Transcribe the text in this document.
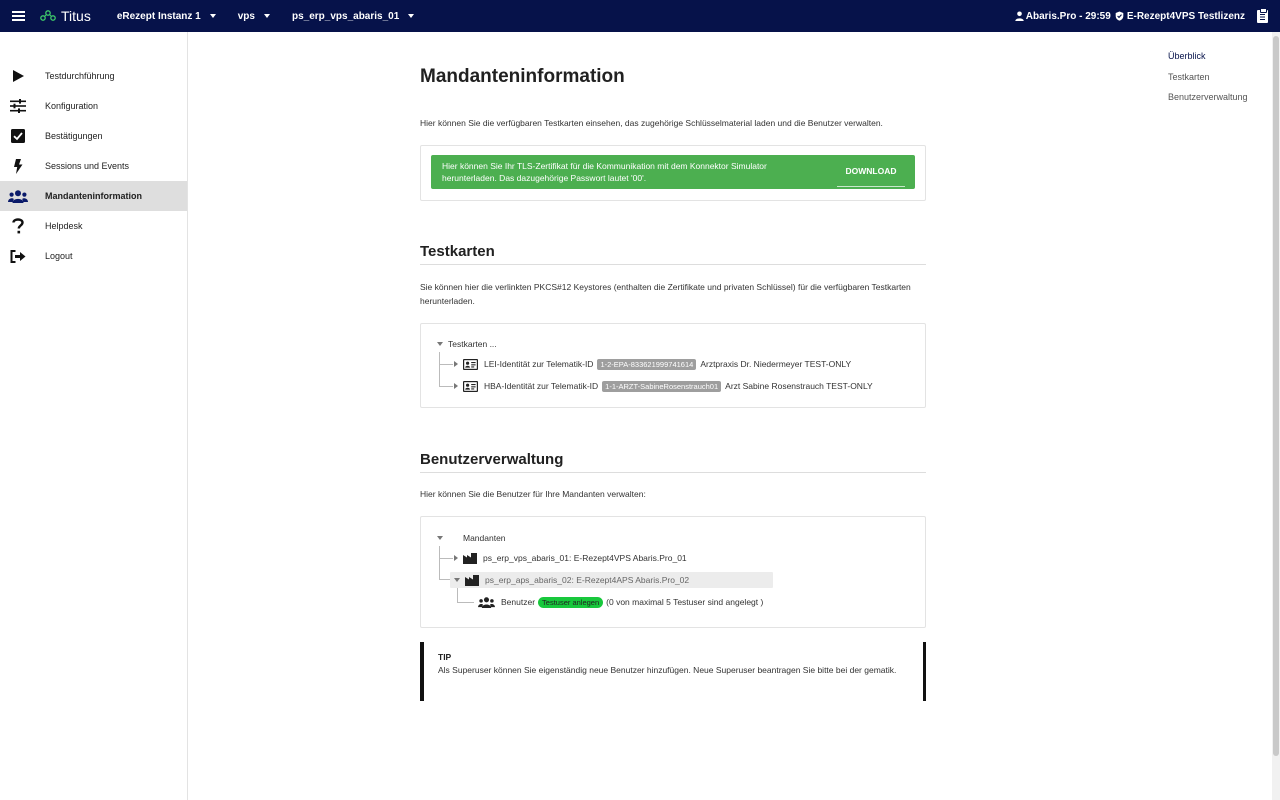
Titus	eRezept Instanz 1	vps	ps_erp_vps_abaris_01	Abaris.Pro - 29:59 E-Rezept4VPS Testlizenz
Testdurchführung
Konfiguration
Bestätigungen
Sessions und Events
Mandanteninformation
Helpdesk
Logout
Überblick
Testkarten
Benutzerverwaltung
Mandanteninformation
Hier können Sie die verfügbaren Testkarten einsehen, das zugehörige Schlüsselmaterial laden und die Benutzer verwalten.
Hier können Sie Ihr TLS-Zertifikat für die Kommunikation mit dem Konnektor Simulator
herunterladen. Das dazugehörige Passwort lautet '00'.
DOWNLOAD
Testkarten
Sie können hier die verlinkten PKCS#12 Keystores (enthalten die Zertifikate und privaten Schlüssel) für die verfügbaren Testkarten herunterladen.
Testkarten ...
LEI-Identität zur Telematik-ID 1-2-EPA-833621999741614 Arztpraxis Dr. Niedermeyer TEST-ONLY
HBA-Identität zur Telematik-ID 1-1-ARZT-SabineRosenstrauch01 Arzt Sabine Rosenstrauch TEST-ONLY
Benutzerverwaltung
Hier können Sie die Benutzer für Ihre Mandanten verwalten:
Mandanten
ps_erp_vps_abaris_01: E-Rezept4VPS Abaris.Pro_01
ps_erp_aps_abaris_02: E-Rezept4APS Abaris.Pro_02
Benutzer Testuser anlegen (0 von maximal 5 Testuser sind angelegt )
TIP
Als Superuser können Sie eigenständig neue Benutzer hinzufügen. Neue Superuser beantragen Sie bitte bei der gematik.
